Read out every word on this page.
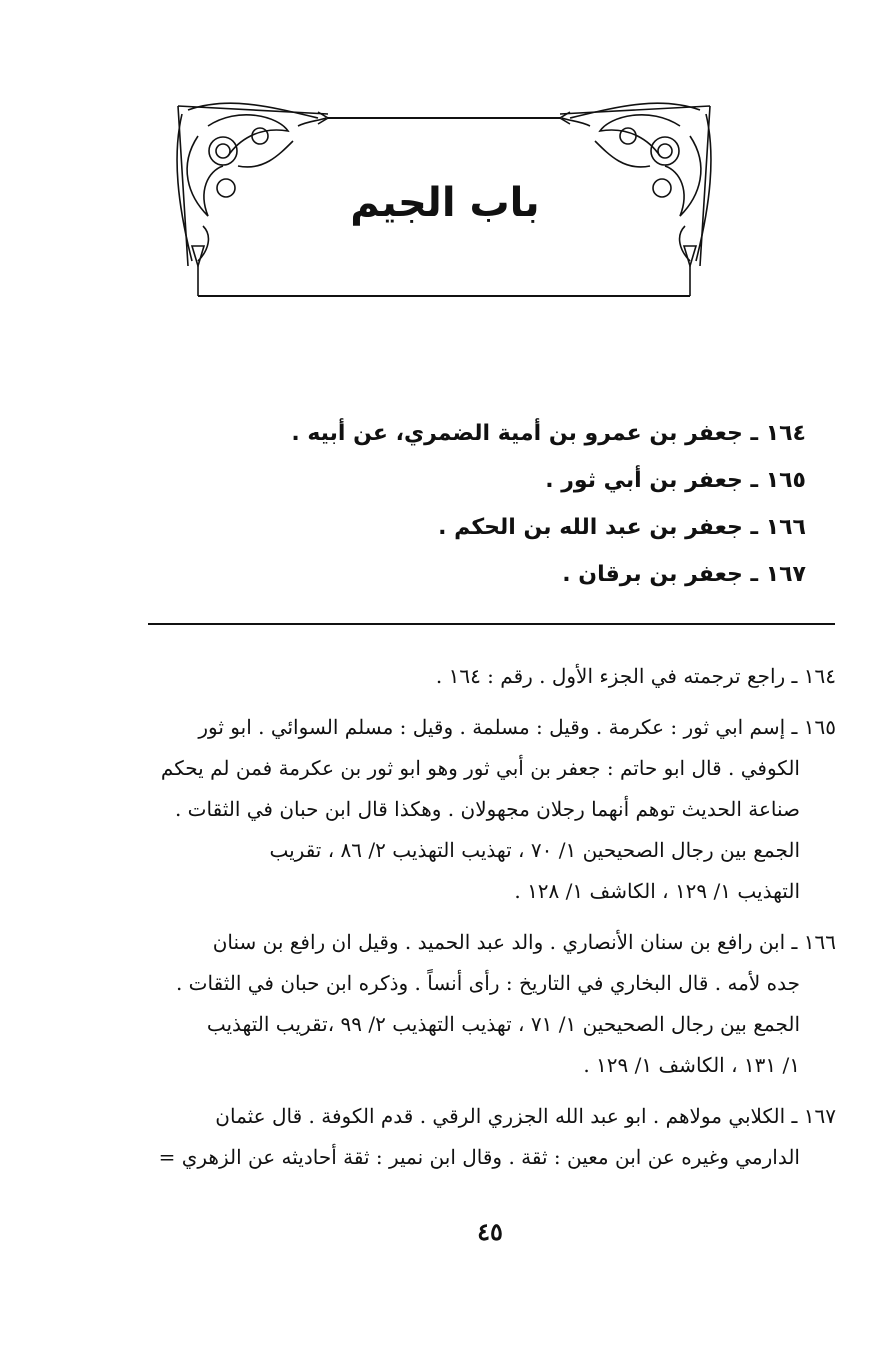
باب الجيم
١٦٤ ـ جعفر بن عمرو بن أمية الضمري، عن أبيه .
١٦٥ ـ جعفر بن أبي ثور .
١٦٦ ـ جعفر بن عبد الله بن الحكم .
١٦٧ ـ جعفر بن برقان .
١٦٤ ـ راجع ترجمته في الجزء الأول . رقم : ١٦٤ .
١٦٥ ـ إسم ابي ثور : عكرمة . وقيل : مسلمة . وقيل : مسلم السوائي . ابو ثور
الكوفي . قال ابو حاتم : جعفر بن أبي ثور وهو ابو ثور بن عكرمة فمن لم يحكم
صناعة الحديث توهم أنهما رجلان مجهولان . وهكذا قال ابن حبان في الثقات .
الجمع بين رجال الصحيحين ١/ ٧٠ ، تهذيب التهذيب ٢/ ٨٦ ، تقريب
التهذيب ١/ ١٢٩ ، الكاشف ١/ ١٢٨ .
١٦٦ ـ ابن رافع بن سنان الأنصاري . والد عبد الحميد . وقيل ان رافع بن سنان
جده لأمه . قال البخاري في التاريخ : رأى أنساً . وذكره ابن حبان في الثقات .
الجمع بين رجال الصحيحين ١/ ٧١ ، تهذيب التهذيب ٢/ ٩٩ ،تقريب التهذيب
١/ ١٣١ ، الكاشف ١/ ١٢٩ .
١٦٧ ـ الكلابي مولاهم . ابو عبد الله الجزري الرقي . قدم الكوفة . قال عثمان
الدارمي وغيره عن ابن معين : ثقة . وقال ابن نمير : ثقة أحاديثه عن الزهري =
٤٥
